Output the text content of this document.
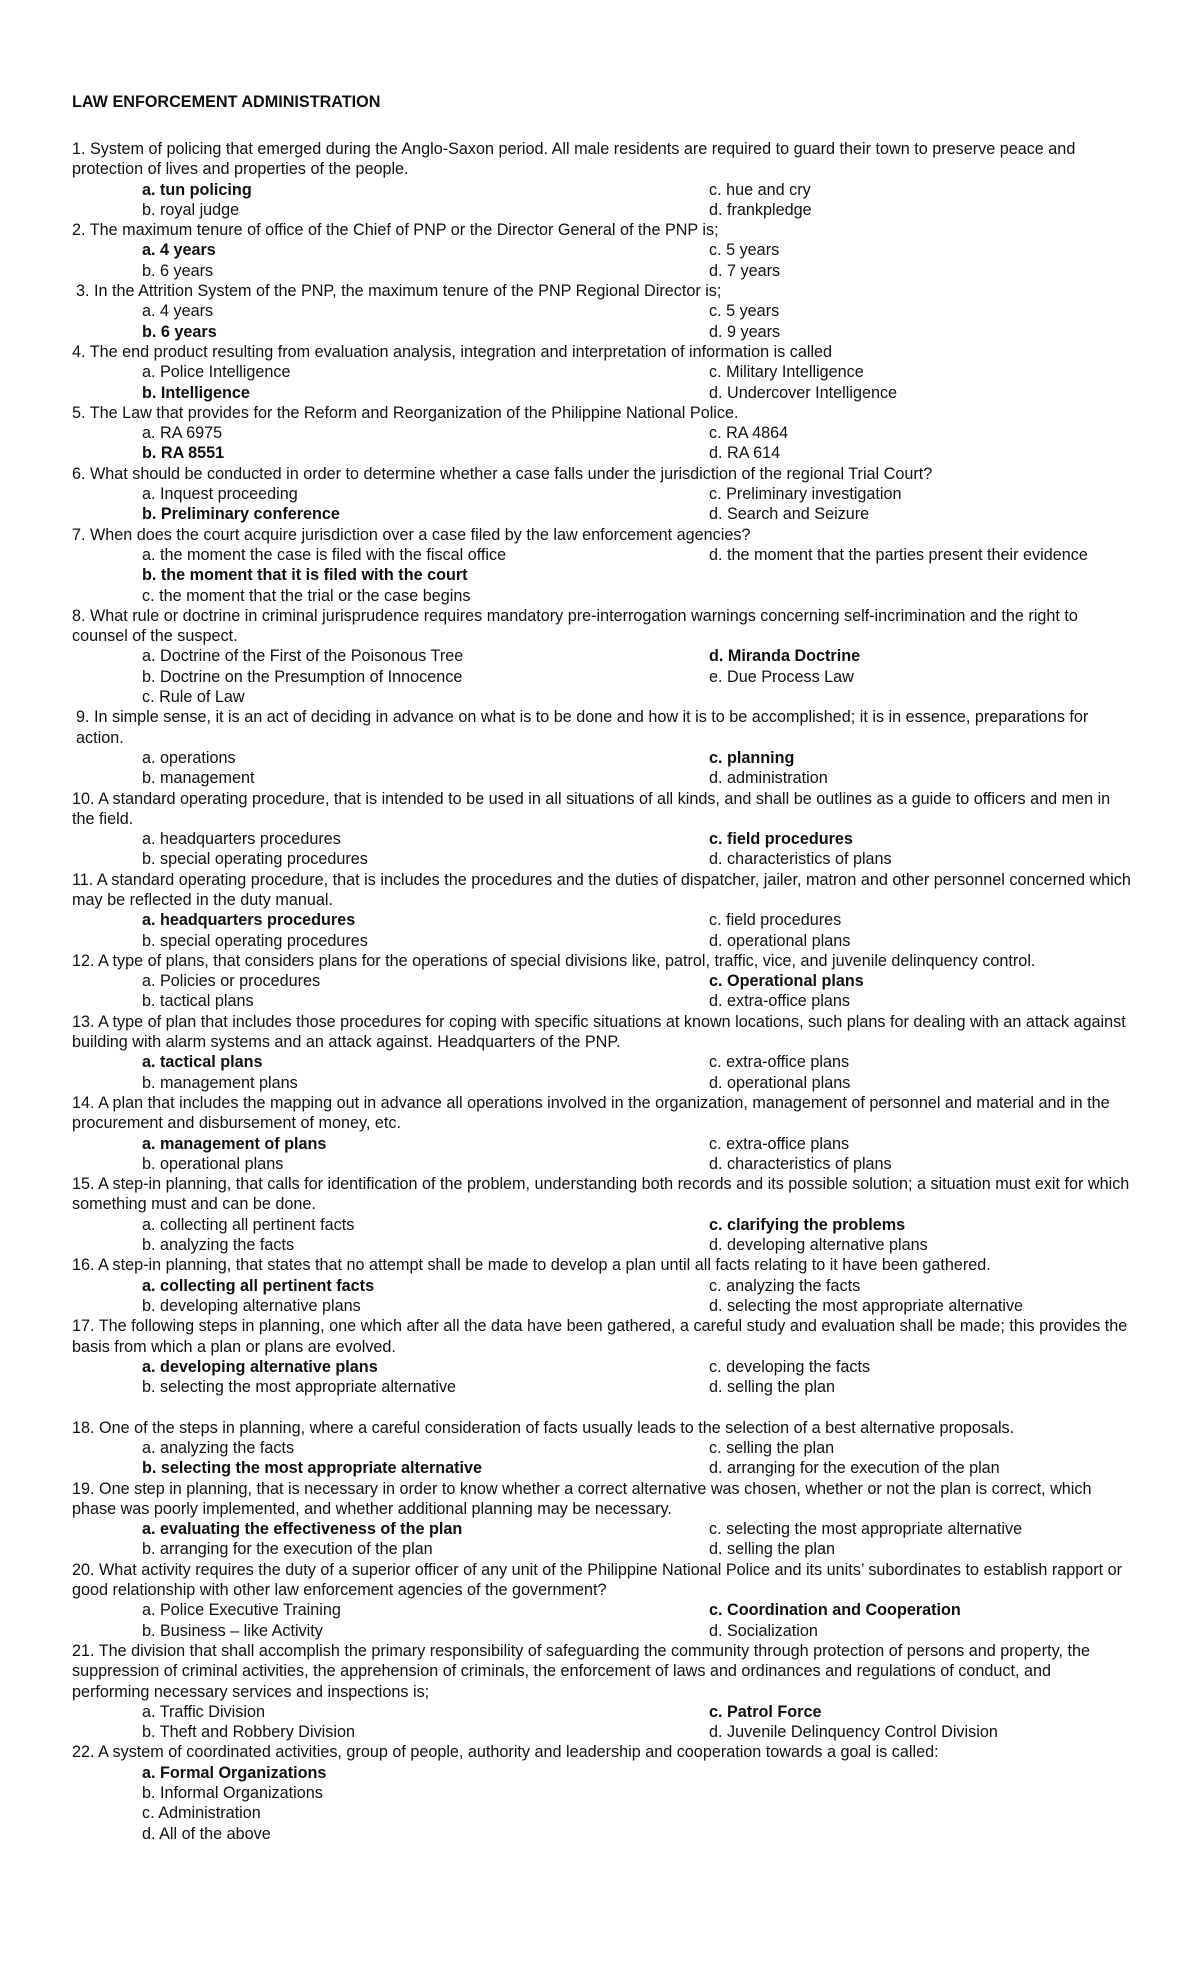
LAW ENFORCEMENT ADMINISTRATION

1. System of policing that emerged during the Anglo-Saxon period. All male residents are required to guard their town to preserve peace and protection of lives and properties of the people.

a. tun policing	c. hue and cry
b. royal judge	d. frankpledge

2. The maximum tenure of office of the Chief of PNP or the Director General of the PNP is;

a. 4 years	c. 5 years
b. 6 years	d. 7 years

3. In the Attrition System of the PNP, the maximum tenure of the PNP Regional Director is;

a. 4 years	c. 5 years
b. 6 years	d. 9 years

4. The end product resulting from evaluation analysis, integration and interpretation of information is called

a. Police Intelligence	c. Military Intelligence
b. Intelligence	d. Undercover Intelligence

5. The Law that provides for the Reform and Reorganization of the Philippine National Police.

a. RA 6975	c. RA 4864
b. RA 8551	d. RA 614

6. What should be conducted in order to determine whether a case falls under the jurisdiction of the regional Trial Court?

a. Inquest proceeding	c. Preliminary investigation
b. Preliminary conference	d. Search and Seizure

7. When does the court acquire jurisdiction over a case filed by the law enforcement agencies?

a. the moment the case is filed with the fiscal office	d. the moment that the parties present their evidence
b. the moment that it is filed with the court
c. the moment that the trial or the case begins

8. What rule or doctrine in criminal jurisprudence requires mandatory pre-interrogation warnings concerning self-incrimination and the right to counsel of the suspect.

a. Doctrine of the First of the Poisonous Tree	d. Miranda Doctrine
b. Doctrine on the Presumption of Innocence	e. Due Process Law
c. Rule of Law

9. In simple sense, it is an act of deciding in advance on what is to be done and how it is to be accomplished; it is in essence, preparations for action.

a. operations	c. planning
b. management	d. administration

10. A standard operating procedure, that is intended to be used in all situations of all kinds, and shall be outlines as a guide to officers and men in the field.

a. headquarters procedures	c. field procedures
b. special operating procedures	d. characteristics of plans

11. A standard operating procedure, that is includes the procedures and the duties of dispatcher, jailer, matron and other personnel concerned which may be reflected in the duty manual.

a. headquarters procedures	c. field procedures
b. special operating procedures	d. operational plans

12. A type of plans, that considers plans for the operations of special divisions like, patrol, traffic, vice, and juvenile delinquency control.

a. Policies or procedures	c. Operational plans
b. tactical plans	d. extra-office plans

13. A type of plan that includes those procedures for coping with specific situations at known locations, such plans for dealing with an attack against building with alarm systems and an attack against. Headquarters of the PNP.

a. tactical plans	c. extra-office plans
b. management plans	d. operational plans

14. A plan that includes the mapping out in advance all operations involved in the organization, management of personnel and material and in the procurement and disbursement of money, etc.

a. management of plans	c. extra-office plans
b. operational plans	d. characteristics of plans

15. A step-in planning, that calls for identification of the problem, understanding both records and its possible solution; a situation must exit for which something must and can be done.

a. collecting all pertinent facts	c. clarifying the problems
b. analyzing the facts	d. developing alternative plans

16. A step-in planning, that states that no attempt shall be made to develop a plan until all facts relating to it have been gathered.

a. collecting all pertinent facts	c. analyzing the facts
b. developing alternative plans	d. selecting the most appropriate alternative

17. The following steps in planning, one which after all the data have been gathered, a careful study and evaluation shall be made; this provides the basis from which a plan or plans are evolved.

a. developing alternative plans	c. developing the facts
b. selecting the most appropriate alternative	d. selling the plan

18. One of the steps in planning, where a careful consideration of facts usually leads to the selection of a best alternative proposals.

a. analyzing the facts	c. selling the plan
b. selecting the most appropriate alternative	d. arranging for the execution of the plan

19. One step in planning, that is necessary in order to know whether a correct alternative was chosen, whether or not the plan is correct, which phase was poorly implemented, and whether additional planning may be necessary.

a. evaluating the effectiveness of the plan	c. selecting the most appropriate alternative
b. arranging for the execution of the plan	d. selling the plan

20. What activity requires the duty of a superior officer of any unit of the Philippine National Police and its units’ subordinates to establish rapport or good relationship with other law enforcement agencies of the government?

a. Police Executive Training	c. Coordination and Cooperation
b. Business – like Activity	d. Socialization

21. The division that shall accomplish the primary responsibility of safeguarding the community through protection of persons and property, the suppression of criminal activities, the apprehension of criminals, the enforcement of laws and ordinances and regulations of conduct, and performing necessary services and inspections is;

a. Traffic Division	c. Patrol Force
b. Theft and Robbery Division	d. Juvenile Delinquency Control Division

22. A system of coordinated activities, group of people, authority and leadership and cooperation towards a goal is called:

a. Formal Organizations
b. Informal Organizations
c. Administration
d. All of the above
